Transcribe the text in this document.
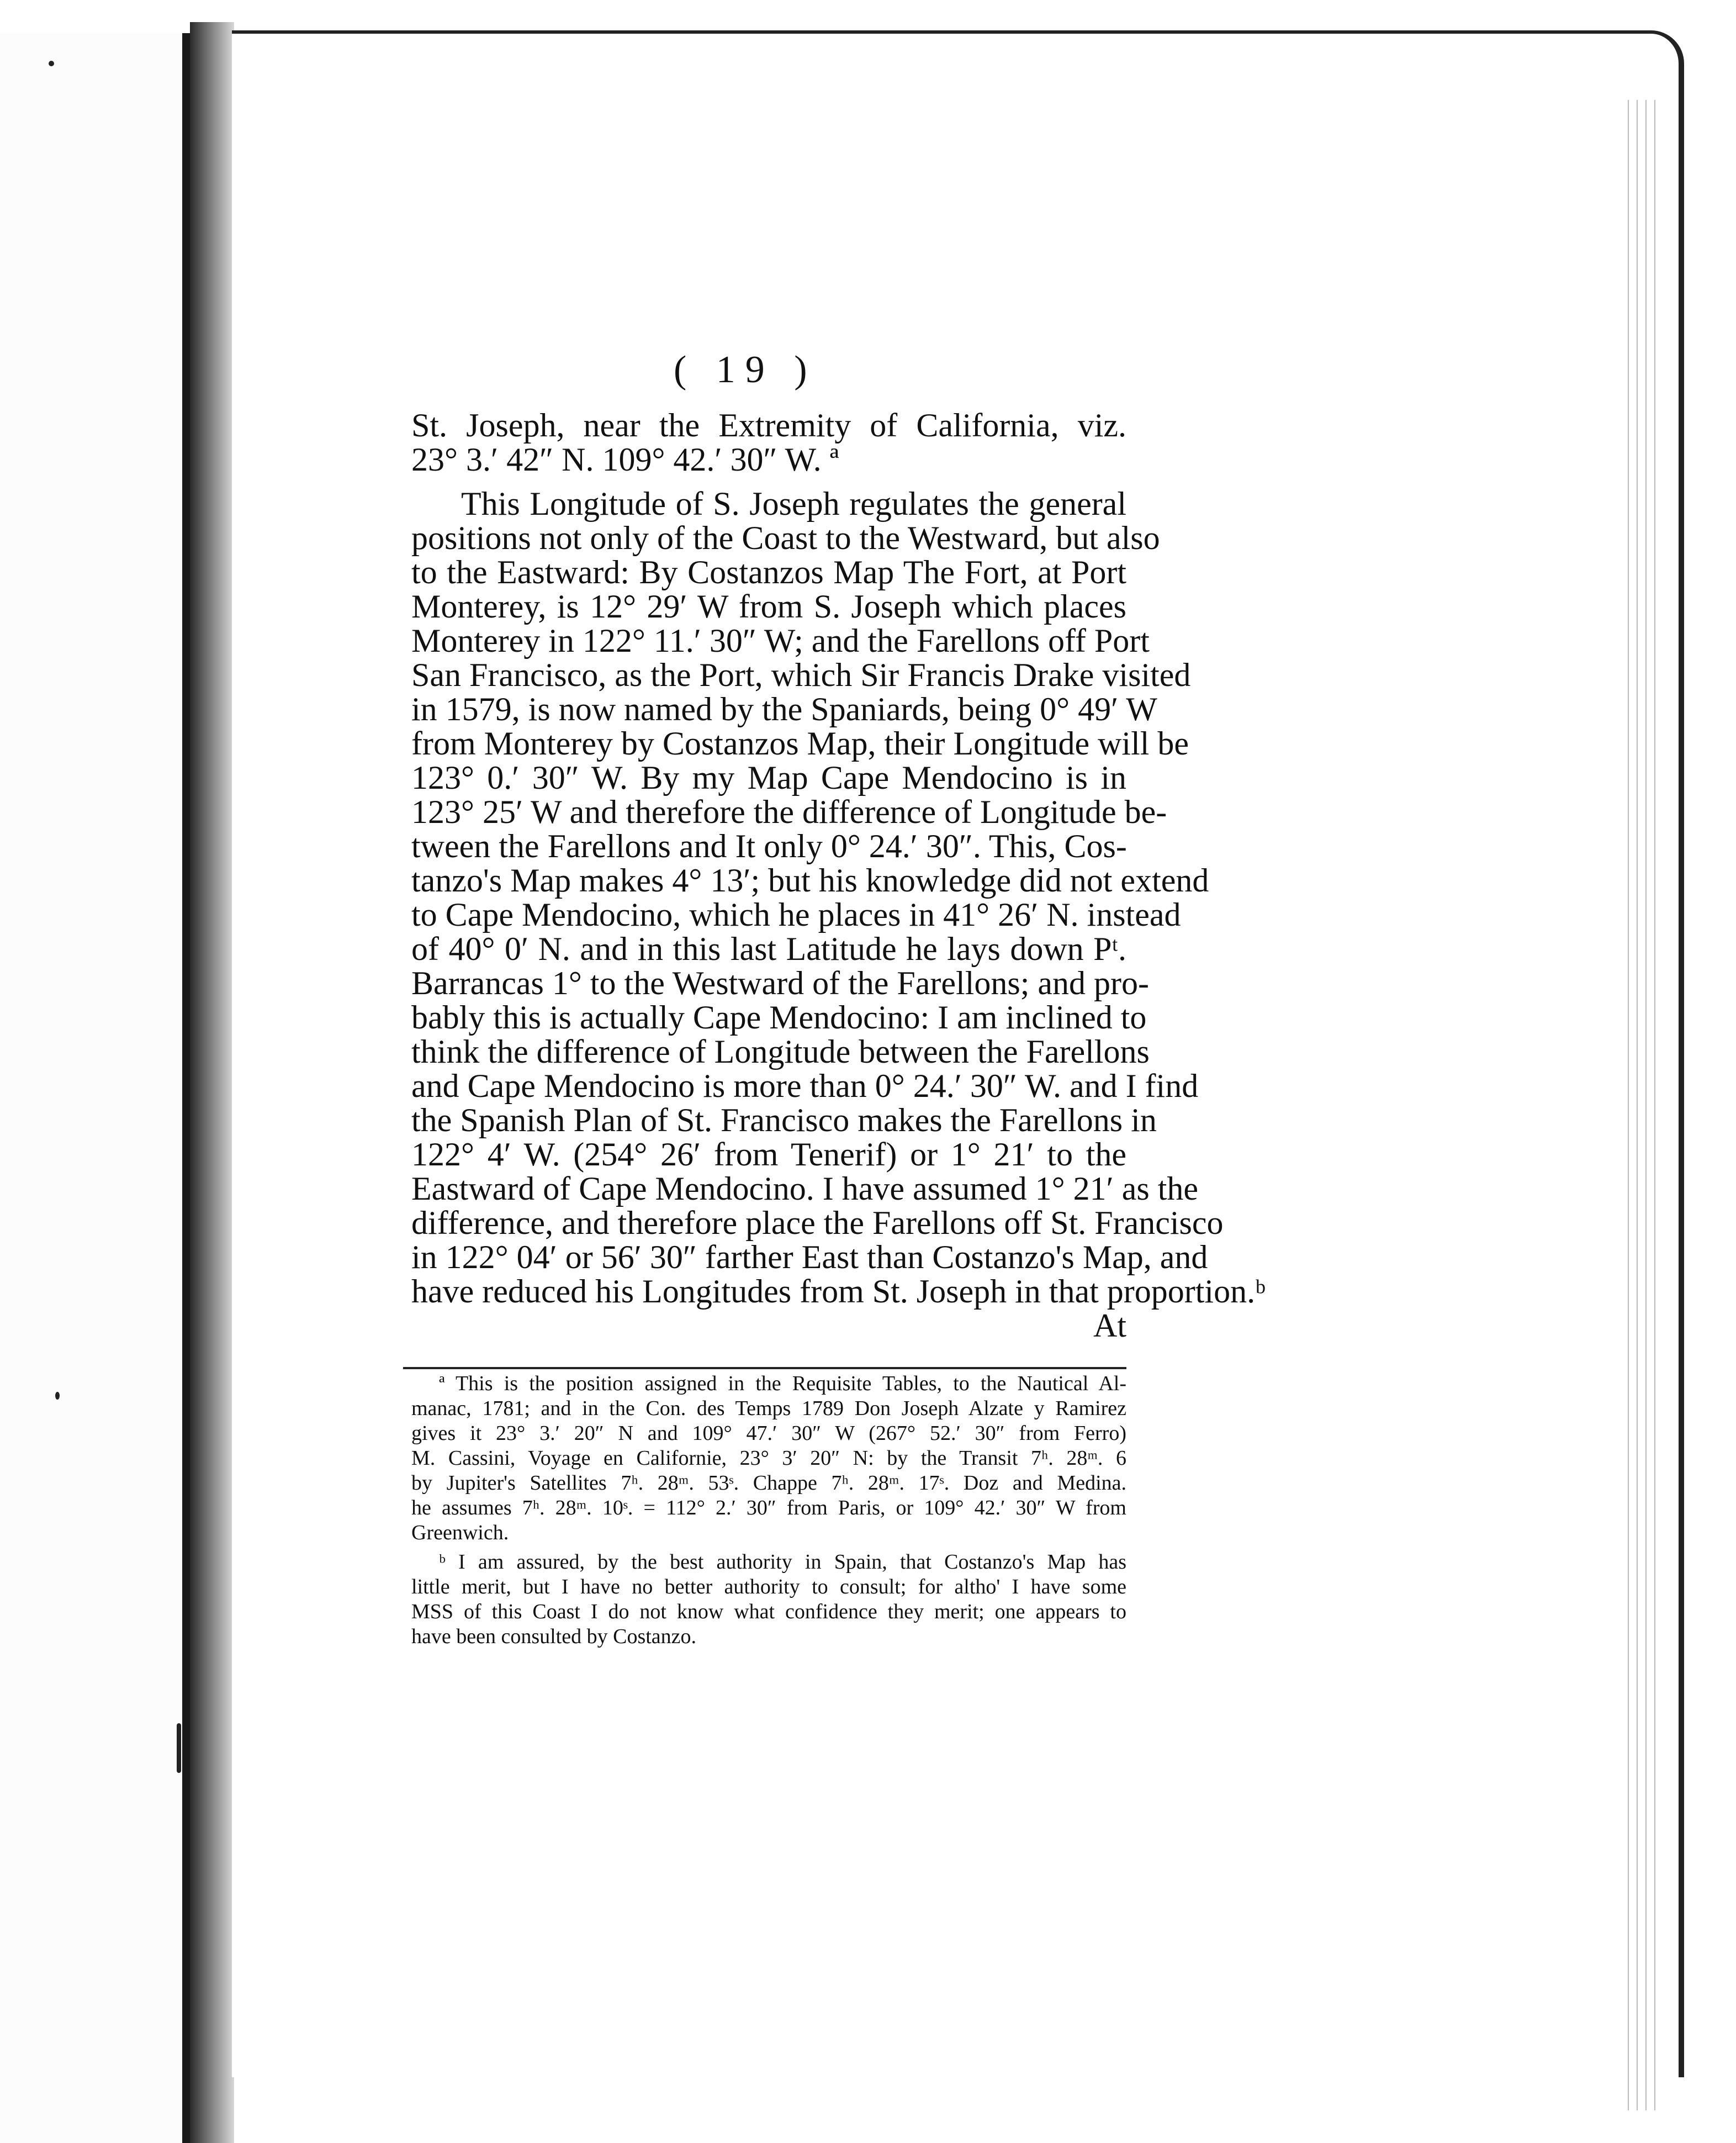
( 19 )
St. Joseph, near the Extremity of California, viz.
23° 3.′ 42″ N. 109° 42.′ 30″ W. ª
This Longitude of S. Joseph regulates the general
positions not only of the Coast to the Westward, but also
to the Eastward: By Costanzos Map The Fort, at Port
Monterey, is 12° 29′ W from S. Joseph which places
Monterey in 122° 11.′ 30″ W; and the Farellons off Port
San Francisco, as the Port, which Sir Francis Drake visited
in 1579, is now named by the Spaniards, being 0° 49′ W
from Monterey by Costanzos Map, their Longitude will be
123° 0.′ 30″ W. By my Map Cape Mendocino is in
123° 25′ W and therefore the difference of Longitude be-
tween the Farellons and It only 0° 24.′ 30″. This, Cos-
tanzo's Map makes 4° 13′; but his knowledge did not extend
to Cape Mendocino, which he places in 41° 26′ N. instead
of 40° 0′ N. and in this last Latitude he lays down Pᵗ.
Barrancas 1° to the Westward of the Farellons; and pro-
bably this is actually Cape Mendocino: I am inclined to
think the difference of Longitude between the Farellons
and Cape Mendocino is more than 0° 24.′ 30″ W. and I find
the Spanish Plan of St. Francisco makes the Farellons in
122° 4′ W. (254° 26′ from Tenerif) or 1° 21′ to the
Eastward of Cape Mendocino. I have assumed 1° 21′ as the
difference, and therefore place the Farellons off St. Francisco
in 122° 04′ or 56′ 30″ farther East than Costanzo's Map, and
have reduced his Longitudes from St. Joseph in that proportion.ᵇ
At
ª This is the position assigned in the Requisite Tables, to the Nautical Al-
manac, 1781; and in the Con. des Temps 1789 Don Joseph Alzate y Ramirez
gives it 23° 3.′ 20″ N and 109° 47.′ 30″ W (267° 52.′ 30″ from Ferro)
M. Cassini, Voyage en Californie, 23° 3′ 20″ N: by the Transit 7ʰ. 28ᵐ. 6
by Jupiter's Satellites 7ʰ. 28ᵐ. 53ˢ. Chappe 7ʰ. 28ᵐ. 17ˢ. Doz and Medina.
he assumes 7ʰ. 28ᵐ. 10ˢ. = 112° 2.′ 30″ from Paris, or 109° 42.′ 30″ W from
Greenwich.
ᵇ I am assured, by the best authority in Spain, that Costanzo's Map has
little merit, but I have no better authority to consult; for altho' I have some
MSS of this Coast I do not know what confidence they merit; one appears to
have been consulted by Costanzo.
